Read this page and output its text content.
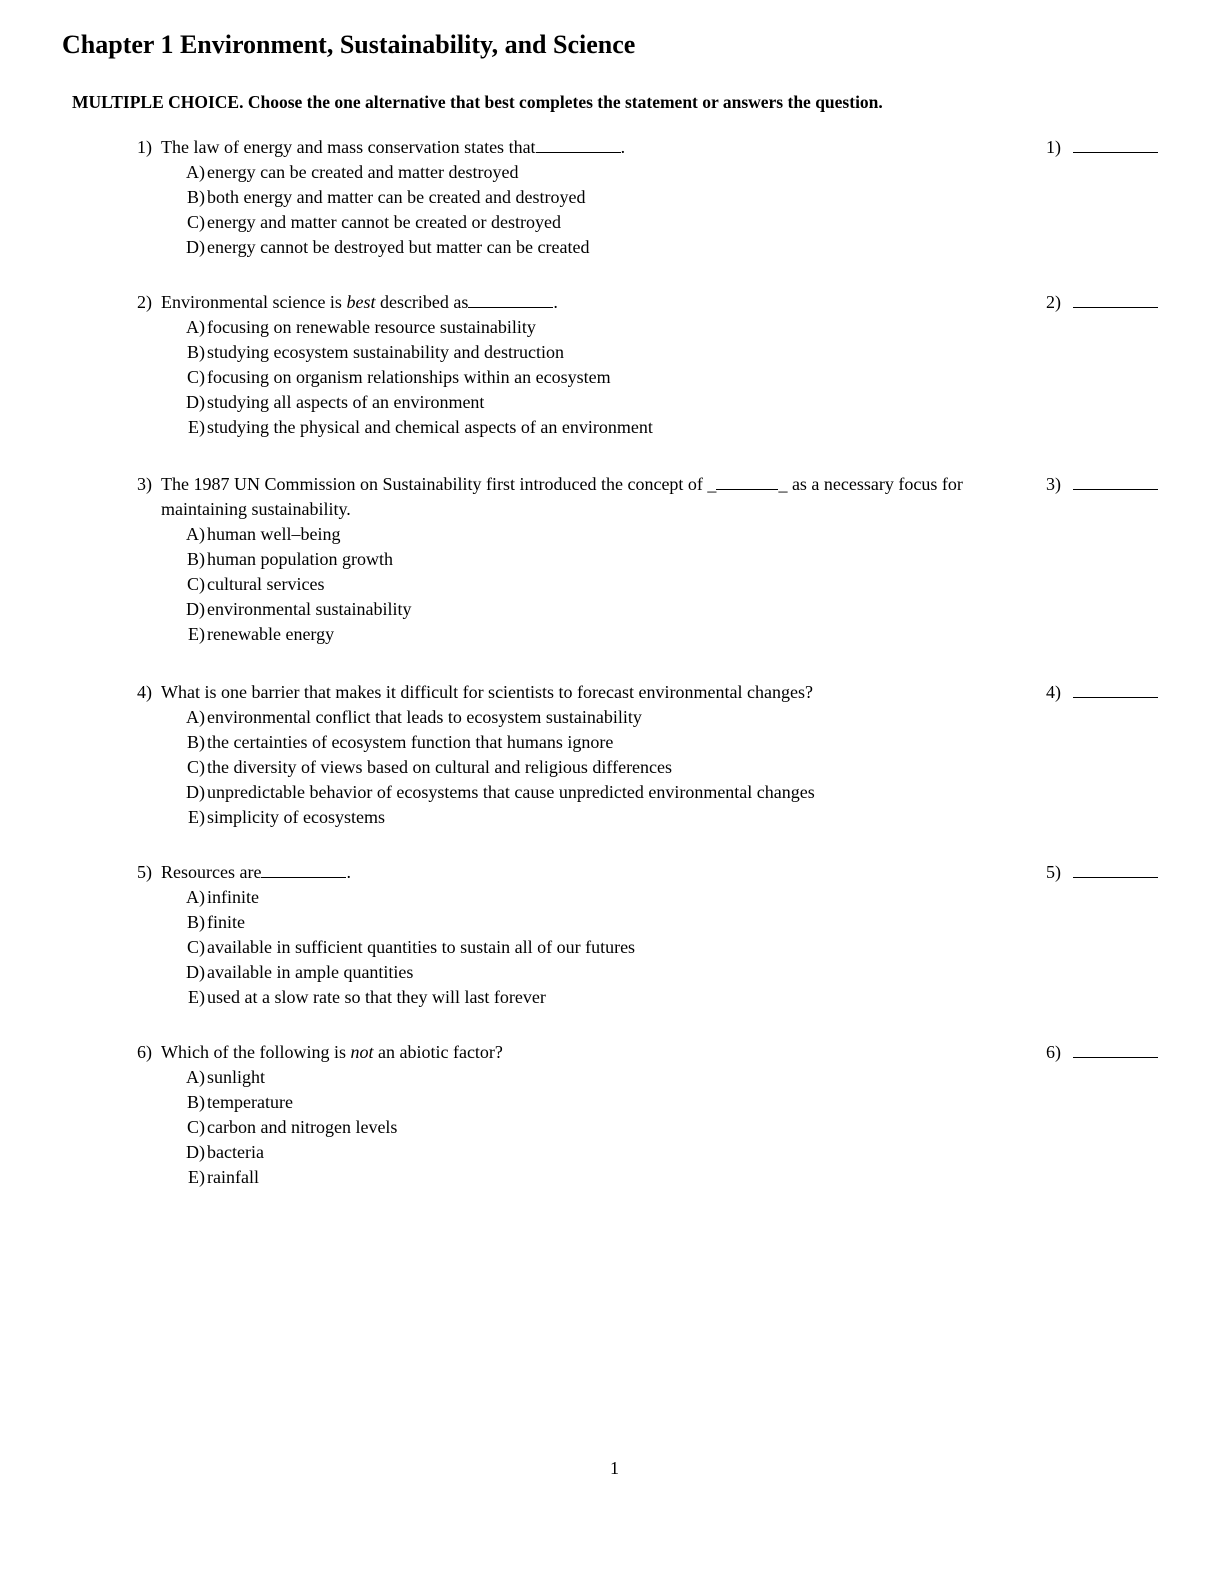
Chapter 1 Environment, Sustainability, and Science
MULTIPLE CHOICE. Choose the one alternative that best completes the statement or answers the question.
1) The law of energy and mass conservation states that	.	1)
A) energy can be created and matter destroyed
B) both energy and matter can be created and destroyed
C) energy and matter cannot be created or destroyed
D) energy cannot be destroyed but matter can be created
2) Environmental science is best described as	.	2)
A) focusing on renewable resource sustainability
B) studying ecosystem sustainability and destruction
C) focusing on organism relationships within an ecosystem
D) studying all aspects of an environment
E) studying the physical and chemical aspects of an environment
3) The 1987 UN Commission on Sustainability first introduced the concept of _	_ as a necessary focus for maintaining sustainability.
3)
A) human well–being
B) human population growth
C) cultural services
D) environmental sustainability
E) renewable energy
4) What is one barrier that makes it difficult for scientists to forecast environmental changes?	4)
A) environmental conflict that leads to ecosystem sustainability
B) the certainties of ecosystem function that humans ignore
C) the diversity of views based on cultural and religious differences
D) unpredictable behavior of ecosystems that cause unpredicted environmental changes
E) simplicity of ecosystems
5) Resources are	.	5)
A) infinite
B) finite
C) available in sufficient quantities to sustain all of our futures
D) available in ample quantities
E) used at a slow rate so that they will last forever
6) Which of the following is not an abiotic factor?	6)
A) sunlight
B) temperature
C) carbon and nitrogen levels
D) bacteria
E) rainfall
1
